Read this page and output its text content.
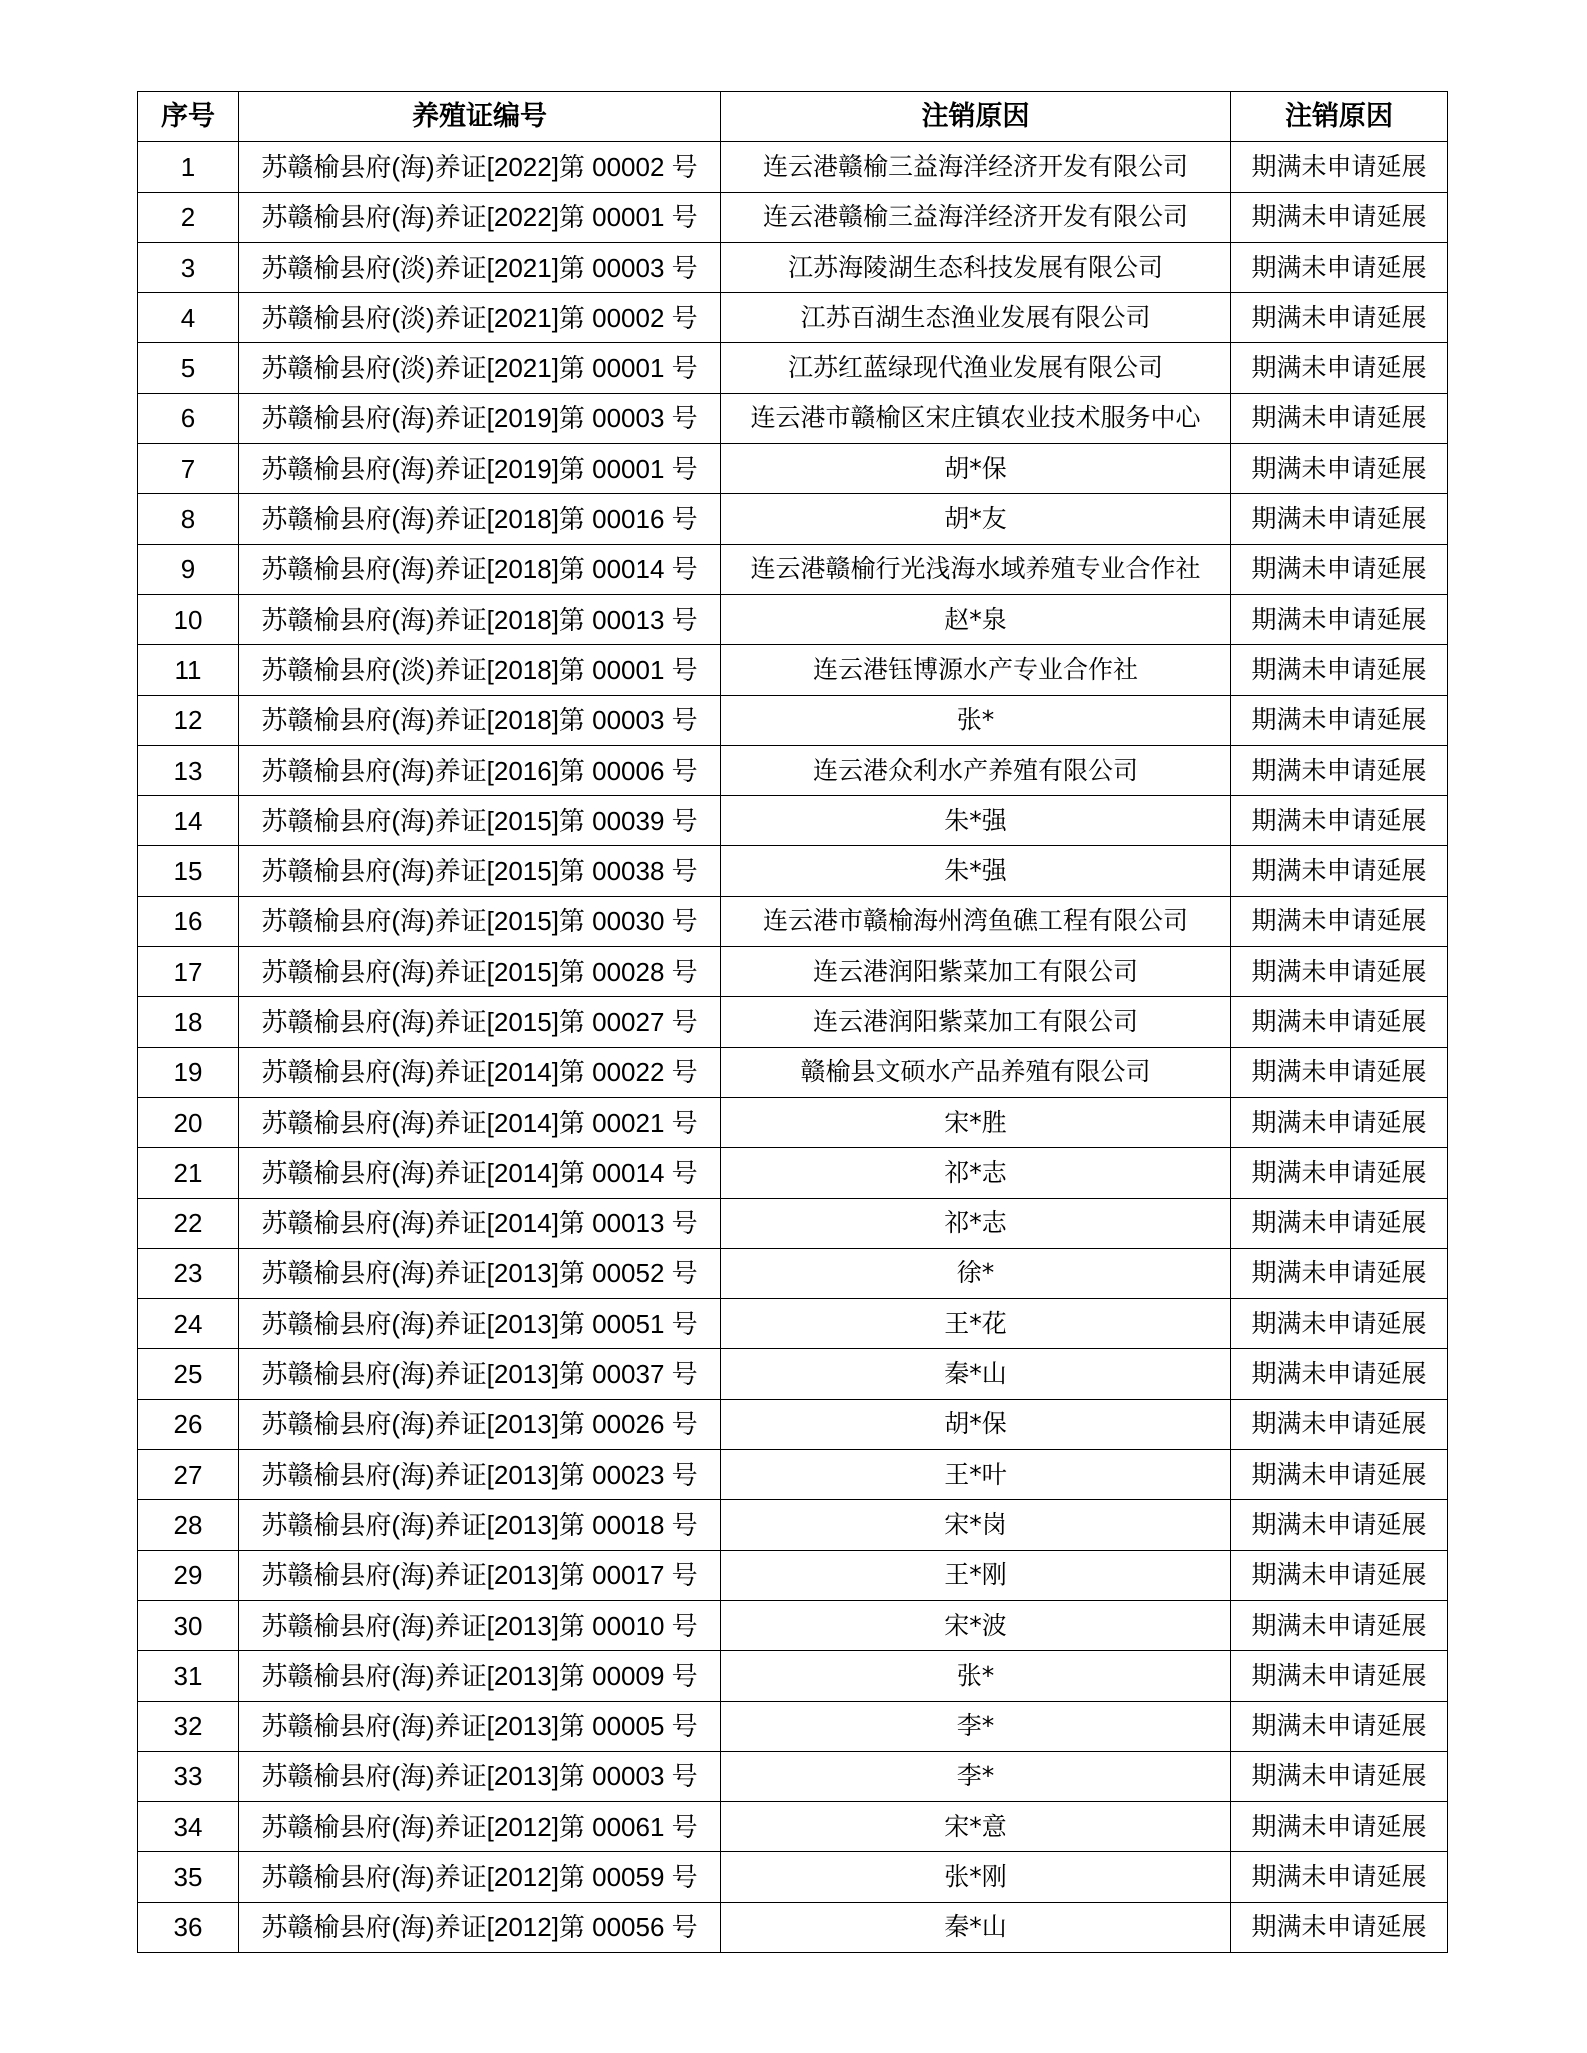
序号	养殖证编号	注销原因	注销原因
1	苏赣榆县府(海)养证[2022]第 00002 号	连云港赣榆三益海洋经济开发有限公司	期满未申请延展
2	苏赣榆县府(海)养证[2022]第 00001 号	连云港赣榆三益海洋经济开发有限公司	期满未申请延展
3	苏赣榆县府(淡)养证[2021]第 00003 号	江苏海陵湖生态科技发展有限公司	期满未申请延展
4	苏赣榆县府(淡)养证[2021]第 00002 号	江苏百湖生态渔业发展有限公司	期满未申请延展
5	苏赣榆县府(淡)养证[2021]第 00001 号	江苏红蓝绿现代渔业发展有限公司	期满未申请延展
6	苏赣榆县府(海)养证[2019]第 00003 号	连云港市赣榆区宋庄镇农业技术服务中心	期满未申请延展
7	苏赣榆县府(海)养证[2019]第 00001 号	胡*保	期满未申请延展
8	苏赣榆县府(海)养证[2018]第 00016 号	胡*友	期满未申请延展
9	苏赣榆县府(海)养证[2018]第 00014 号	连云港赣榆行光浅海水域养殖专业合作社	期满未申请延展
10	苏赣榆县府(海)养证[2018]第 00013 号	赵*泉	期满未申请延展
11	苏赣榆县府(淡)养证[2018]第 00001 号	连云港钰博源水产专业合作社	期满未申请延展
12	苏赣榆县府(海)养证[2018]第 00003 号	张*	期满未申请延展
13	苏赣榆县府(海)养证[2016]第 00006 号	连云港众利水产养殖有限公司	期满未申请延展
14	苏赣榆县府(海)养证[2015]第 00039 号	朱*强	期满未申请延展
15	苏赣榆县府(海)养证[2015]第 00038 号	朱*强	期满未申请延展
16	苏赣榆县府(海)养证[2015]第 00030 号	连云港市赣榆海州湾鱼礁工程有限公司	期满未申请延展
17	苏赣榆县府(海)养证[2015]第 00028 号	连云港润阳紫菜加工有限公司	期满未申请延展
18	苏赣榆县府(海)养证[2015]第 00027 号	连云港润阳紫菜加工有限公司	期满未申请延展
19	苏赣榆县府(海)养证[2014]第 00022 号	赣榆县文硕水产品养殖有限公司	期满未申请延展
20	苏赣榆县府(海)养证[2014]第 00021 号	宋*胜	期满未申请延展
21	苏赣榆县府(海)养证[2014]第 00014 号	祁*志	期满未申请延展
22	苏赣榆县府(海)养证[2014]第 00013 号	祁*志	期满未申请延展
23	苏赣榆县府(海)养证[2013]第 00052 号	徐*	期满未申请延展
24	苏赣榆县府(海)养证[2013]第 00051 号	王*花	期满未申请延展
25	苏赣榆县府(海)养证[2013]第 00037 号	秦*山	期满未申请延展
26	苏赣榆县府(海)养证[2013]第 00026 号	胡*保	期满未申请延展
27	苏赣榆县府(海)养证[2013]第 00023 号	王*叶	期满未申请延展
28	苏赣榆县府(海)养证[2013]第 00018 号	宋*岗	期满未申请延展
29	苏赣榆县府(海)养证[2013]第 00017 号	王*刚	期满未申请延展
30	苏赣榆县府(海)养证[2013]第 00010 号	宋*波	期满未申请延展
31	苏赣榆县府(海)养证[2013]第 00009 号	张*	期满未申请延展
32	苏赣榆县府(海)养证[2013]第 00005 号	李*	期满未申请延展
33	苏赣榆县府(海)养证[2013]第 00003 号	李*	期满未申请延展
34	苏赣榆县府(海)养证[2012]第 00061 号	宋*意	期满未申请延展
35	苏赣榆县府(海)养证[2012]第 00059 号	张*刚	期满未申请延展
36	苏赣榆县府(海)养证[2012]第 00056 号	秦*山	期满未申请延展
